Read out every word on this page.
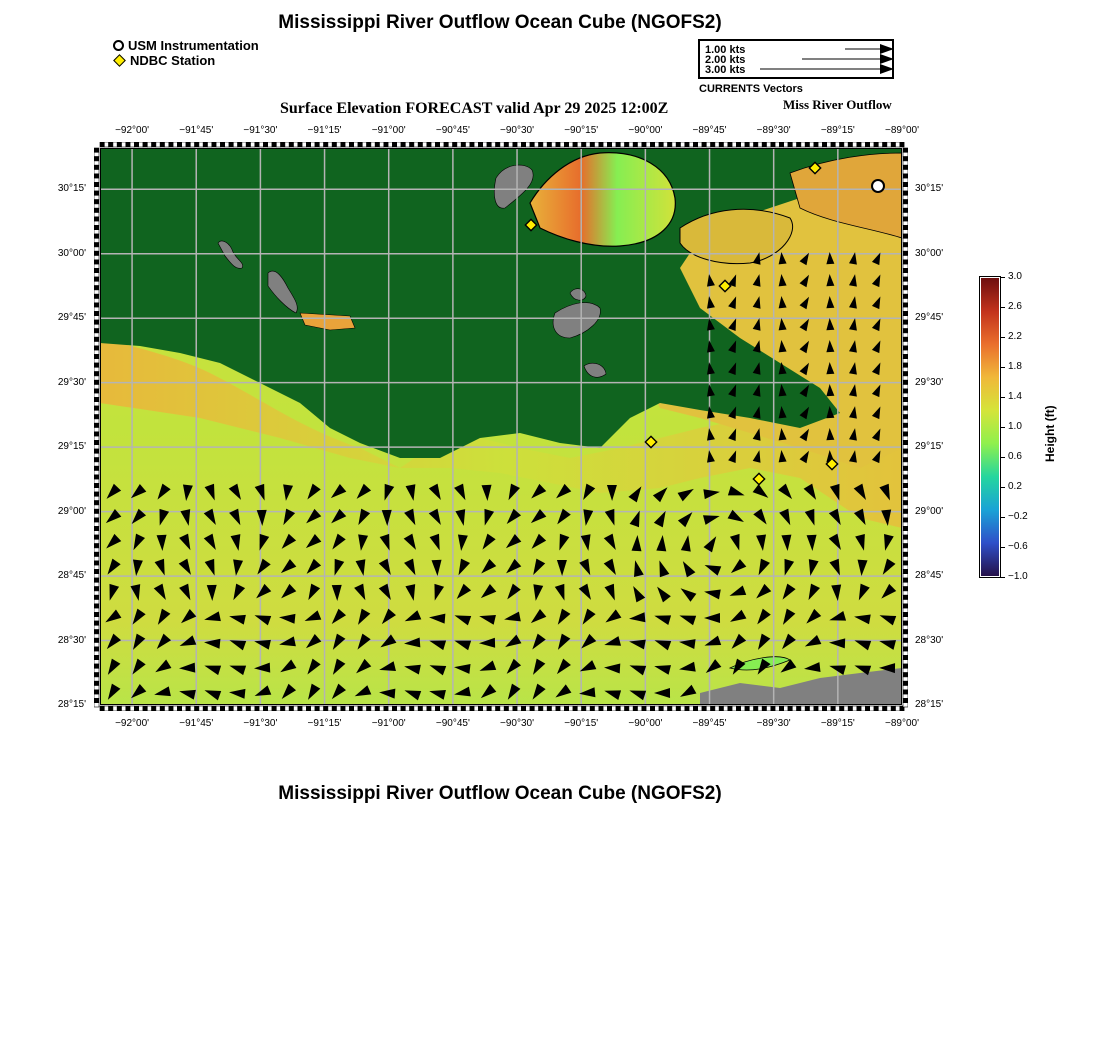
Mississippi River Outflow Ocean Cube (NGOFS2)
USM Instrumentation
NDBC Station
1.00 kts
2.00 kts
3.00 kts
CURRENTS Vectors
Surface Elevation FORECAST valid Apr 29 2025 12:00Z	Miss River Outflow
−92°00'	−91°45'	−91°30'	−91°15'	−91°00'	−90°45'	−90°30'	−90°15'	−90°00'	−89°45'	−89°30'	−89°15'	−89°00'
−92°00'	−91°45'	−91°30'	−91°15'	−91°00'	−90°45'	−90°30'	−90°15'	−90°00'	−89°45'	−89°30'	−89°15'	−89°00'
30°15'
30°00'
29°45'
29°30'
29°15'
29°00'
28°45'
28°30'
28°15'
30°15'
30°00'
29°45'
29°30'
29°15'
29°00'
28°45'
28°30'
28°15'
3.0
2.6
2.2
1.8
1.4
1.0
0.6
0.2
−0.2
−0.6
−1.0
Height (ft)
Mississippi River Outflow Ocean Cube (NGOFS2)
